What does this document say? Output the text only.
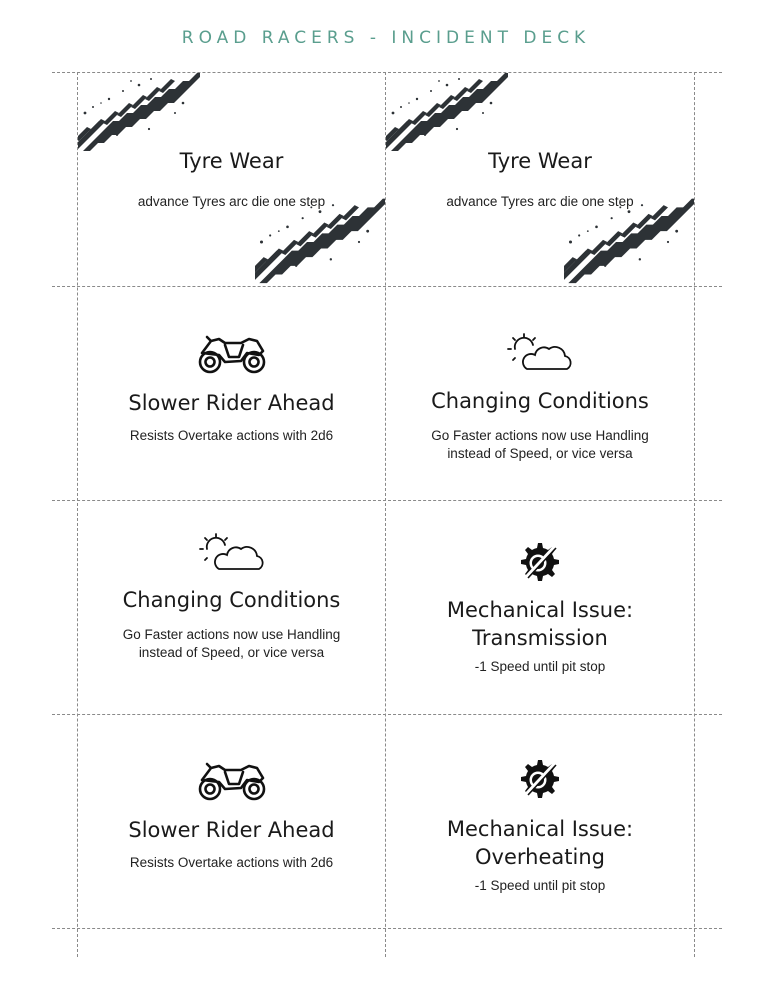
ROAD RACERS - INCIDENT DECK
Tyre Wear
advance Tyres arc die one step
Tyre Wear
advance Tyres arc die one step
Slower Rider Ahead
Resists Overtake actions with 2d6
Changing Conditions
Go Faster actions now use Handling
instead of Speed, or vice versa
Changing Conditions
Go Faster actions now use Handling
instead of Speed, or vice versa
Mechanical Issue:
Transmission
-1 Speed until pit stop
Slower Rider Ahead
Resists Overtake actions with 2d6
Mechanical Issue:
Overheating
-1 Speed until pit stop
